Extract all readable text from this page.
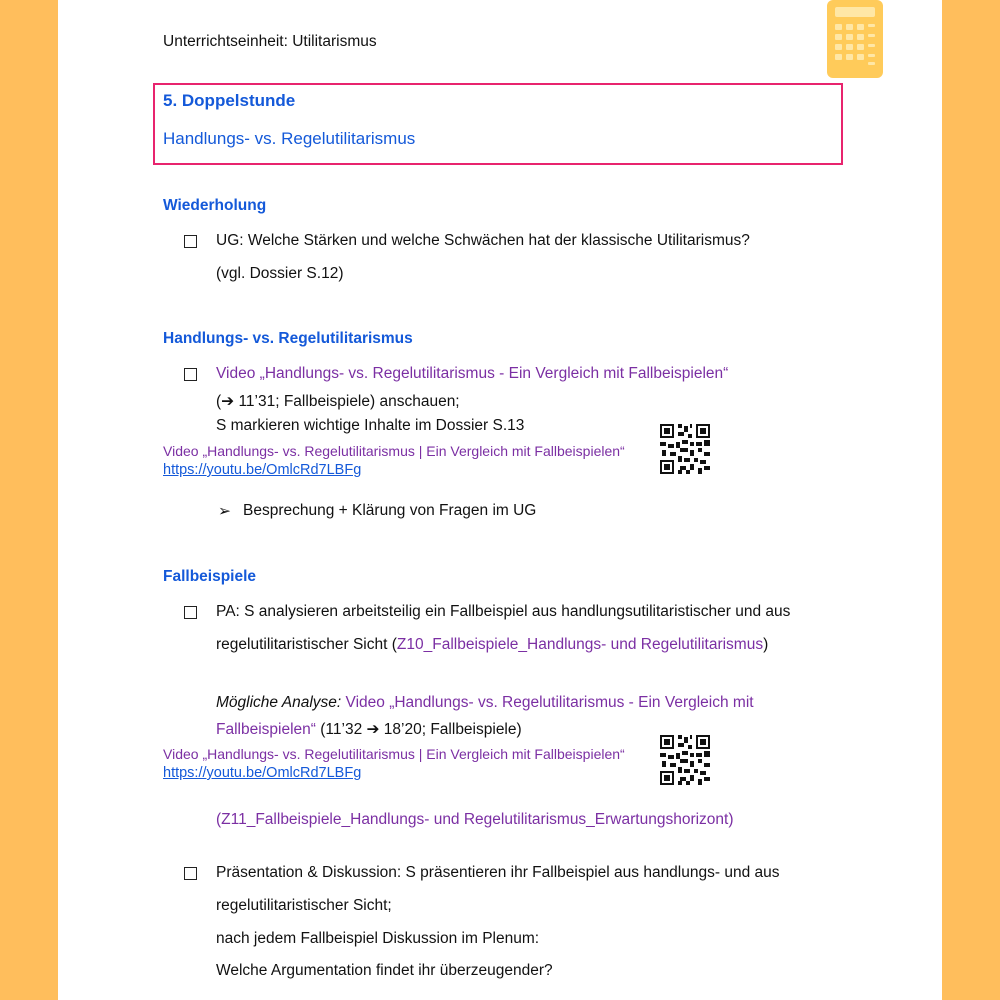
Unterrichtseinheit: Utilitarismus
5. Doppelstunde
Handlungs- vs. Regelutilitarismus
Wiederholung
UG: Welche Stärken und welche Schwächen hat der klassische Utilitarismus?
(vgl. Dossier S.12)
Handlungs- vs. Regelutilitarismus
Video „Handlungs- vs. Regelutilitarismus - Ein Vergleich mit Fallbeispielen“
(➔ 11’31; Fallbeispiele) anschauen;
S markieren wichtige Inhalte im Dossier S.13
Video „Handlungs- vs. Regelutilitarismus | Ein Vergleich mit Fallbeispielen“
https://youtu.be/OmlcRd7LBFg
➢ Besprechung + Klärung von Fragen im UG
Fallbeispiele
PA: S analysieren arbeitsteilig ein Fallbeispiel aus handlungsutilitaristischer und aus
regelutilitaristischer Sicht (Z10_Fallbeispiele_Handlungs- und Regelutilitarismus)
Mögliche Analyse: Video „Handlungs- vs. Regelutilitarismus - Ein Vergleich mit
Fallbeispielen“ (11’32 ➔ 18’20; Fallbeispiele)
Video „Handlungs- vs. Regelutilitarismus | Ein Vergleich mit Fallbeispielen“
https://youtu.be/OmlcRd7LBFg
(Z11_Fallbeispiele_Handlungs- und Regelutilitarismus_Erwartungshorizont)
Präsentation & Diskussion: S präsentieren ihr Fallbeispiel aus handlungs- und aus
regelutilitaristischer Sicht;
nach jedem Fallbeispiel Diskussion im Plenum:
Welche Argumentation findet ihr überzeugender?
